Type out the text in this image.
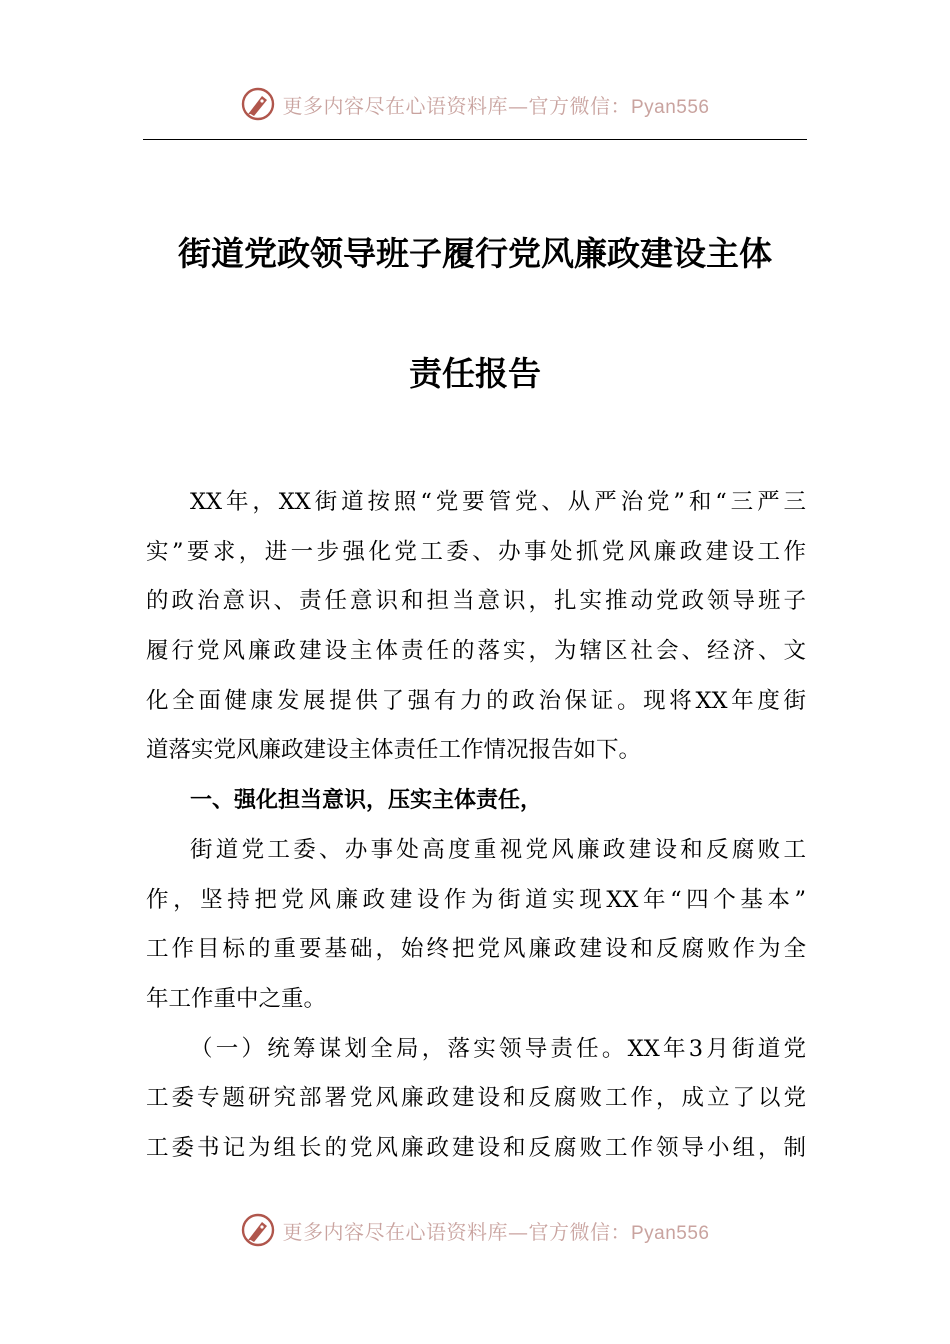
更多内容尽在心语资料库—官方微信：Pyan556
街道党政领导班子履行党风廉政建设主体
责任报告
XX年，XX街道按照“党要管党、从严治党”和“三严三
实”要求，进一步强化党工委、办事处抓党风廉政建设工作
的政治意识、责任意识和担当意识，扎实推动党政领导班子
履行党风廉政建设主体责任的落实，为辖区社会、经济、文
化全面健康发展提供了强有力的政治保证。现将XX年度街
道落实党风廉政建设主体责任工作情况报告如下。
一、强化担当意识，压实主体责任，
街道党工委、办事处高度重视党风廉政建设和反腐败工
作，坚持把党风廉政建设作为街道实现XX年“四个基本”
工作目标的重要基础，始终把党风廉政建设和反腐败作为全
年工作重中之重。
（一）统筹谋划全局，落实领导责任。XX年3月街道党
工委专题研究部署党风廉政建设和反腐败工作，成立了以党
工委书记为组长的党风廉政建设和反腐败工作领导小组，制
更多内容尽在心语资料库—官方微信：Pyan556
